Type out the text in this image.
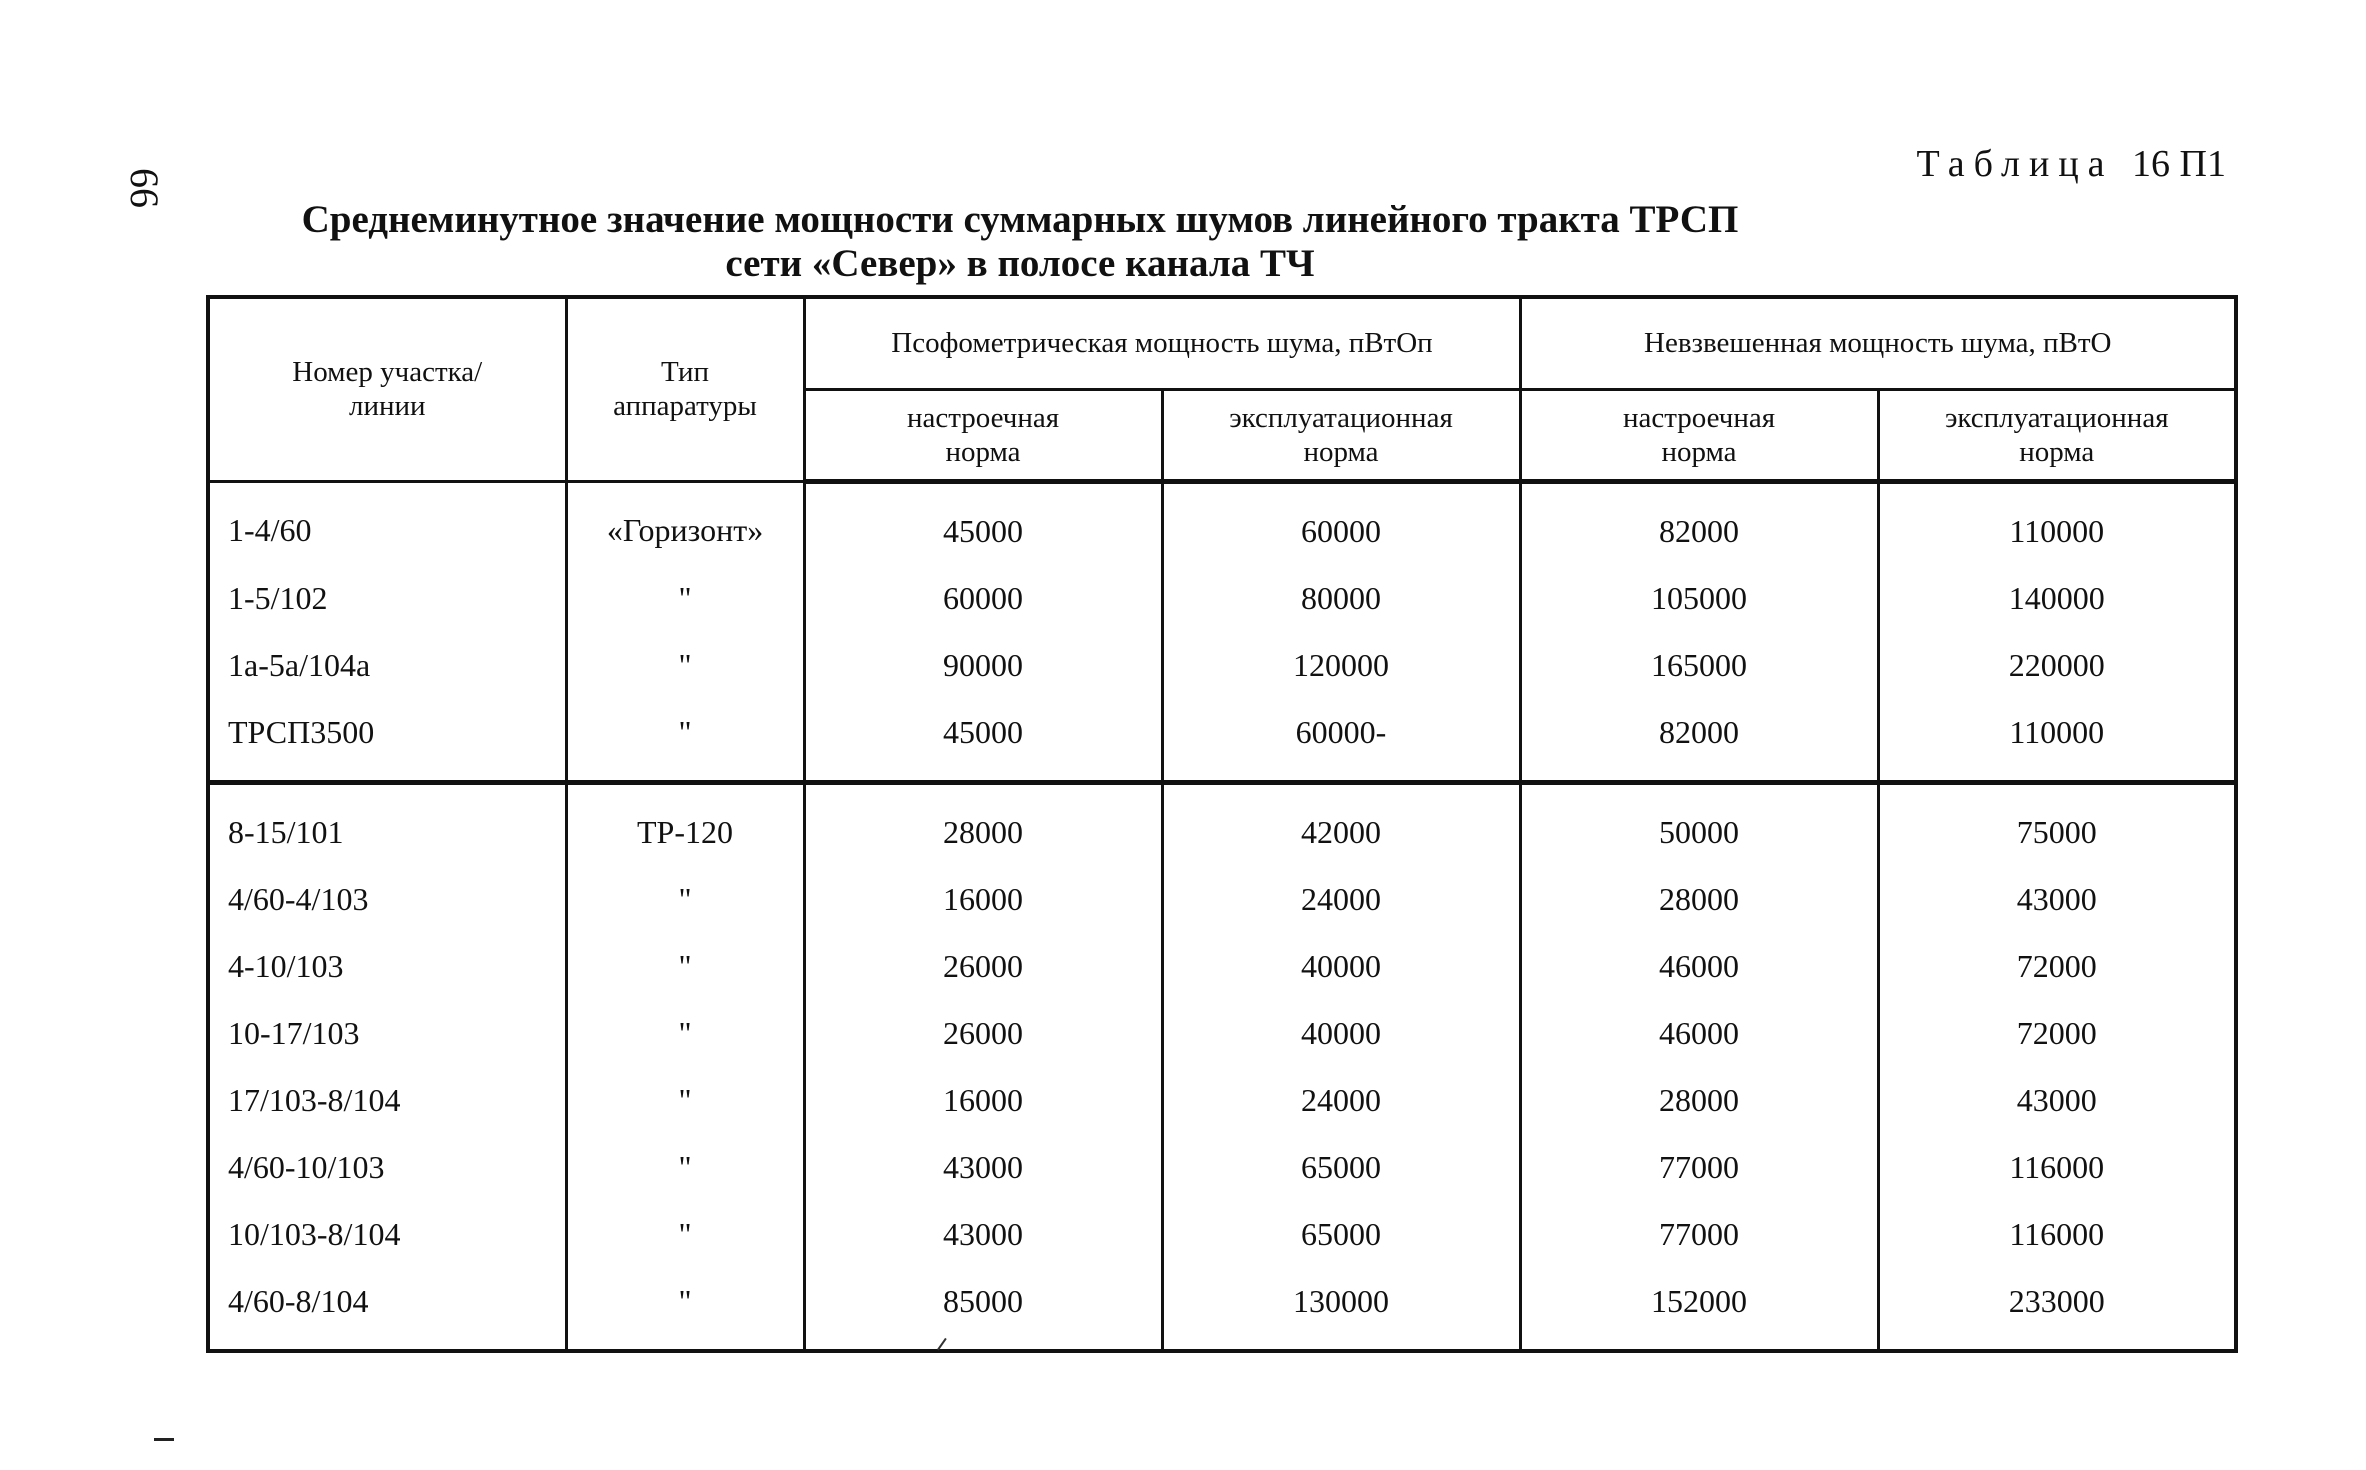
66
Таблица 16 П1
Среднеминутное значение мощности суммарных шумов линейного тракта ТРСП
сети «Север» в полосе канала ТЧ
Номер участка/линии	Тип аппаратуры	Псофометрическая мощность шума, пВтОп		Невзвешенная мощность шума, пВтО	

		настроечная норма	эксплуатационная норма	настроечная норма	эксплуатационная норма

1-4/60	«Горизонт»	45000	60000	82000	110000
1-5/102	"	60000	80000	105000	140000
1а-5а/104а	"	90000	120000	165000	220000
ТРСП3500	"	45000	60000-	82000	110000
8-15/101	ТР-120	28000	42000	50000	75000
4/60-4/103	"	16000	24000	28000	43000
4-10/103	"	26000	40000	46000	72000
10-17/103	"	26000	40000	46000	72000
17/103-8/104	"	16000	24000	28000	43000
4/60-10/103	"	43000	65000	77000	116000
10/103-8/104	"	43000	65000	77000	116000
4/60-8/104	"	85000	130000	152000	233000
